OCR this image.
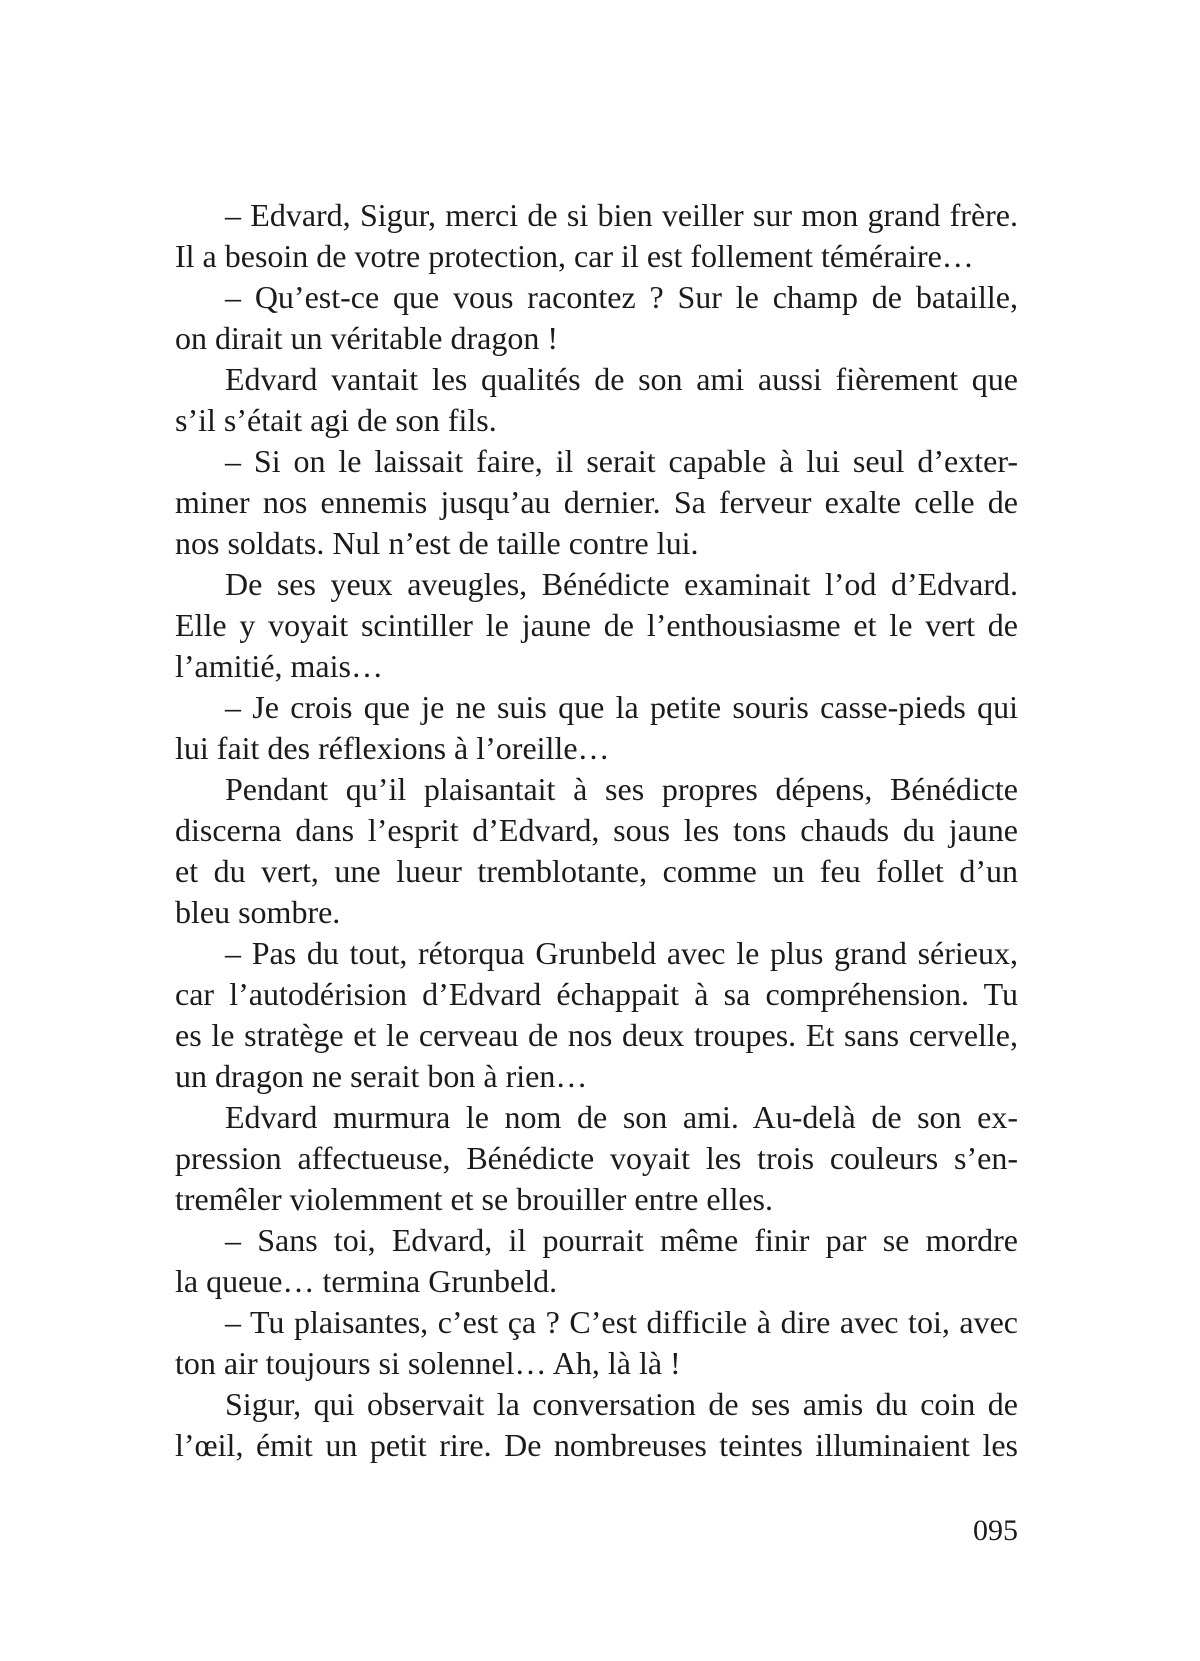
– Edvard, Sigur, merci de si bien veiller sur mon grand frère.
Il a besoin de votre protection, car il est follement téméraire…
– Qu’est-ce que vous racontez ? Sur le champ de bataille,
on dirait un véritable dragon !
Edvard vantait les qualités de son ami aussi fièrement que
s’il s’était agi de son fils.
– Si on le laissait faire, il serait capable à lui seul d’exter-
miner nos ennemis jusqu’au dernier. Sa ferveur exalte celle de
nos soldats. Nul n’est de taille contre lui.
De ses yeux aveugles, Bénédicte examinait l’od d’Edvard.
Elle y voyait scintiller le jaune de l’enthousiasme et le vert de
l’amitié, mais…
– Je crois que je ne suis que la petite souris casse-pieds qui
lui fait des réflexions à l’oreille…
Pendant qu’il plaisantait à ses propres dépens, Bénédicte
discerna dans l’esprit d’Edvard, sous les tons chauds du jaune
et du vert, une lueur tremblotante, comme un feu follet d’un
bleu sombre.
– Pas du tout, rétorqua Grunbeld avec le plus grand sérieux,
car l’autodérision d’Edvard échappait à sa compréhension. Tu
es le stratège et le cerveau de nos deux troupes. Et sans cervelle,
un dragon ne serait bon à rien…
Edvard murmura le nom de son ami. Au-delà de son ex-
pression affectueuse, Bénédicte voyait les trois couleurs s’en-
tremêler violemment et se brouiller entre elles.
– Sans toi, Edvard, il pourrait même finir par se mordre
la queue… termina Grunbeld.
– Tu plaisantes, c’est ça ? C’est difficile à dire avec toi, avec
ton air toujours si solennel… Ah, là là !
Sigur, qui observait la conversation de ses amis du coin de
l’œil, émit un petit rire. De nombreuses teintes illuminaient les
095
